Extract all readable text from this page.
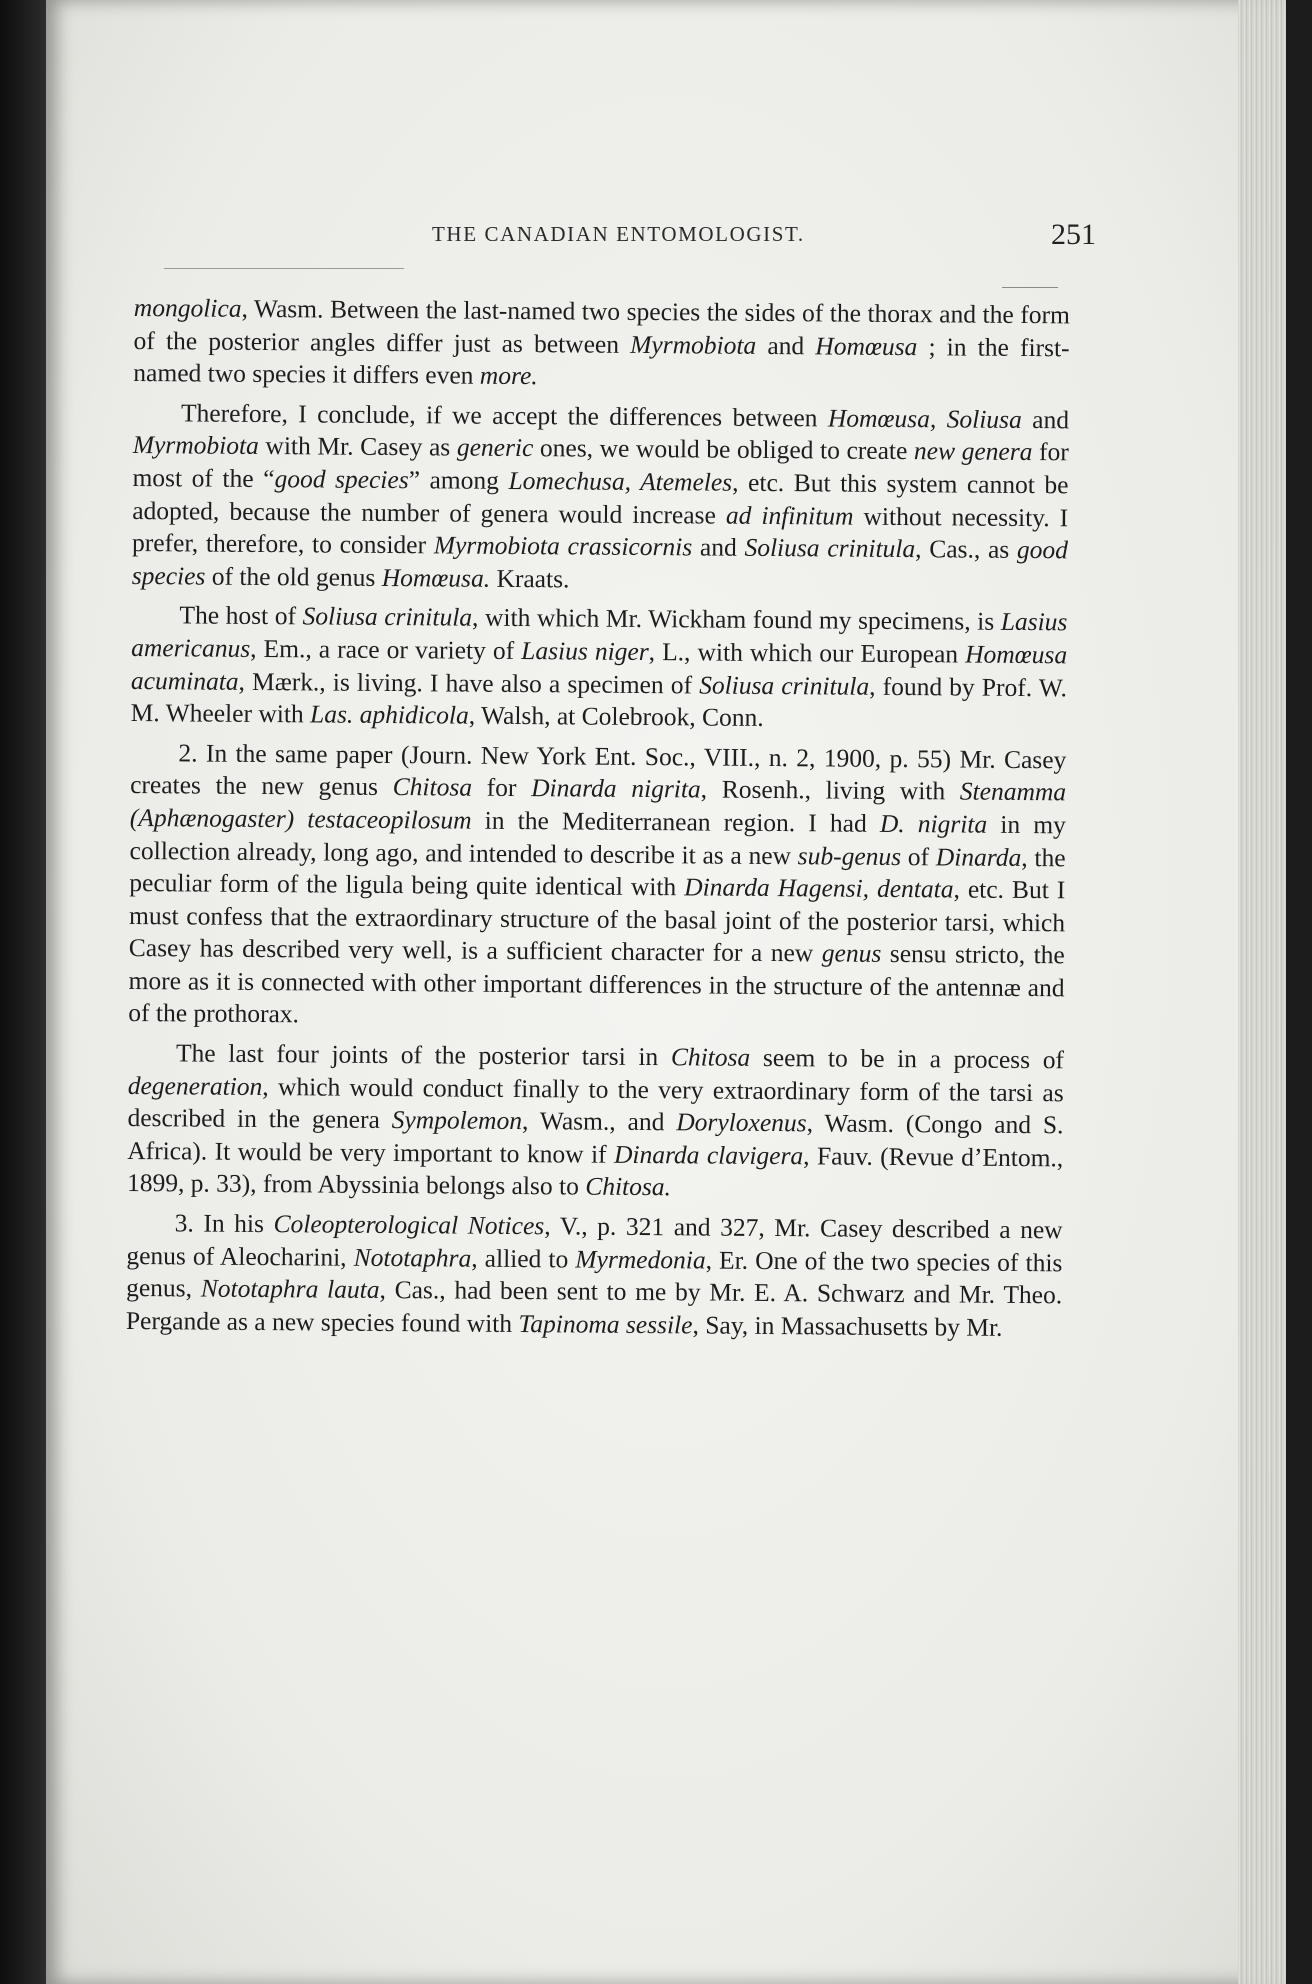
THE CANADIAN ENTOMOLOGIST.	251

mongolica, Wasm. Between the last-named two species the sides of the thorax and the form of the posterior angles differ just as between Myrmobiota and Homœusa ; in the first-named two species it differs even more.

Therefore, I conclude, if we accept the differences between Homœusa, Soliusa and Myrmobiota with Mr. Casey as generic ones, we would be obliged to create new genera for most of the “good species” among Lomechusa, Atemeles, etc. But this system cannot be adopted, because the number of genera would increase ad infinitum without necessity. I prefer, therefore, to consider Myrmobiota crassicornis and Soliusa crinitula, Cas., as good species of the old genus Homœusa. Kraats.

The host of Soliusa crinitula, with which Mr. Wickham found my specimens, is Lasius americanus, Em., a race or variety of Lasius niger, L., with which our European Homœusa acuminata, Mærk., is living. I have also a specimen of Soliusa crinitula, found by Prof. W. M. Wheeler with Las. aphidicola, Walsh, at Colebrook, Conn.

2. In the same paper (Journ. New York Ent. Soc., VIII., n. 2, 1900, p. 55) Mr. Casey creates the new genus Chitosa for Dinarda nigrita, Rosenh., living with Stenamma (Aphænogaster) testaceopilosum in the Mediterranean region. I had D. nigrita in my collection already, long ago, and intended to describe it as a new sub-genus of Dinarda, the peculiar form of the ligula being quite identical with Dinarda Hagensi, dentata, etc. But I must confess that the extraordinary structure of the basal joint of the posterior tarsi, which Casey has described very well, is a sufficient character for a new genus sensu stricto, the more as it is connected with other important differences in the structure of the antennæ and of the prothorax.

The last four joints of the posterior tarsi in Chitosa seem to be in a process of degeneration, which would conduct finally to the very extraordinary form of the tarsi as described in the genera Sympolemon, Wasm., and Doryloxenus, Wasm. (Congo and S. Africa). It would be very important to know if Dinarda clavigera, Fauv. (Revue d’Entom., 1899, p. 33), from Abyssinia belongs also to Chitosa.

3. In his Coleopterological Notices, V., p. 321 and 327, Mr. Casey described a new genus of Aleocharini, Nototaphra, allied to Myrmedonia, Er. One of the two species of this genus, Nototaphra lauta, Cas., had been sent to me by Mr. E. A. Schwarz and Mr. Theo. Pergande as a new species found with Tapinoma sessile, Say, in Massachusetts by Mr.
